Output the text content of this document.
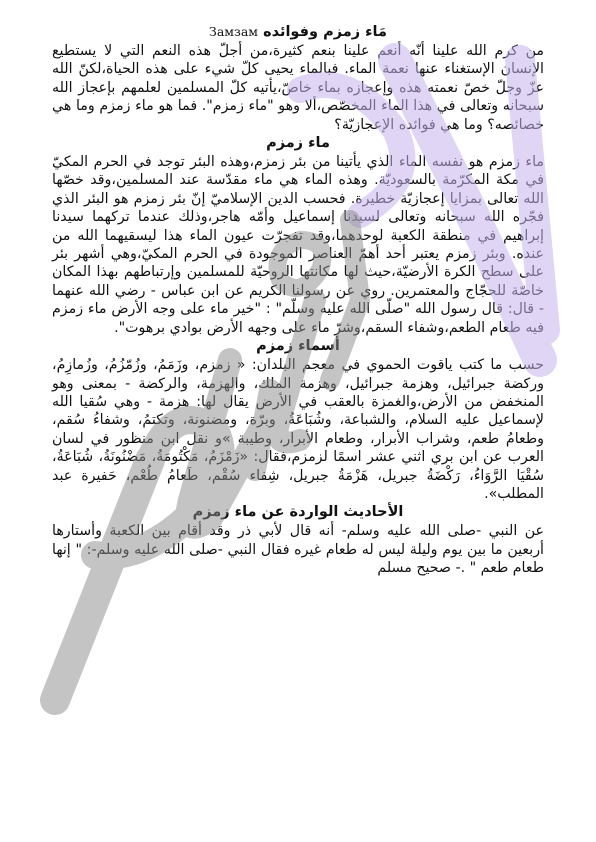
مَاء زمزم وفوائده Замзам

من كرم الله علينا أنّه أنعم علينا بنعم كثيرة،من أجلّ هذه النعم التي لا يستطيع الإنسان الإستغناء عنها نعمة الماء. فبالماء يحيى كلّ شيء على هذه الحياة،لكنّ الله عزّ وجلّ خصّ نعمته هذه وإعجازه بماء خاصّ،يأتيه كلّ المسلمين لعلمهم بإعجاز الله سبحانه وتعالى في هذا الماء المخصّص،ألا وهو "ماء زمزم". فما هو ماء زمزم وما هي خصائصه؟ وما هي فوائده الإعجازيّة؟

ماء زمزم

ماء زمزم هو نفسه الماء الذي يأتينا من بئر زمزم،وهذه البئر توجد في الحرم المكيّ في مكة المكرّمة بالسعوديّة. وهذه الماء هي ماء مقدّسة عند المسلمين،وقد خصّها الله تعالى بمزايا إعجازيّة خطيرة. فحسب الدين الإسلاميّ إنّ بئر زمزم هو البئر الذي فجّره الله سبحانه وتعالى لسيدنا إسماعيل وأمّه هاجر،وذلك عندما تركهما سيدنا إبراهيم في منطقة الكعبة لوحدهما،وقد تفجرّت عيون الماء هذا ليسقيهما الله من عنده. وبئر زمزم يعتبر أحد أهمّ العناصر الموجودة في الحرم المكيّ،وهي أشهر بئر على سطح الكرة الأرضيّة،حيث لها مكانتها الروحيّة للمسلمين وإرتباطهم بهذا المكان خاصّة للحجّاج والمعتمرين. روي عن رسولنا الكريم عن ابن عباس - رضي الله عنهما - قال: قال رسول الله "صلّى الله عليه وسلّم" : "خير ماء على وجه الأرض ماء زمزم فيه طعام الطعم،وشفاء السقم،وشرّ ماء على وجهه الأرض بوادي برهوت".

أسماء زمزم

حسب ما كتب ياقوت الحموي في معجم البلدان: « زمزم، وزَمَمُ، وزُمّزُمُ، وزُمازِمُ، وركضة جبرائيل، وهزمة جبرائيل، وهزمة الملك، والهزمة، والركضة - بمعنى وهو المنخفض من الأرض،والغمزة بالعقب في الأرض يقال لها: هزمة - وهي سُقيا الله لإسماعيل عليه السلام، والشباعة، وشُبَاعَةُ، وبرّة، ومضنونة، وتكتمُ، وشفاءُ سُقم، وطعامُ طعم، وشراب الأبرار، وطعام الأبرار، وطيبة »و نقل ابن منظور في لسان العرب عن ابن بري اثني عشر اسمًا لزمزم،فقال: «زَمْزَمُ، مَكْتُومَةُ، مَضْنُونَةُ، شُبَاعَةُ، سُقْيَا الرَّوَاءُ، رَكْضَةُ جبريل، هَزْمَةُ جبريل، شِفاء سُقْم، طَعامُ طُعْم، حَفيرة عبد المطلب».

الأحاديث الواردة عن ماء زمزم

عن النبي -صلى الله عليه وسلم- أنه قال لأبي ذر وقد أقام بين الكعبة وأستارها أربعين ما بين يوم وليلة ليس له طعام غيره فقال النبي -صلى الله عليه وسلم-: " إنها طعام طعم " .- صحيح مسلم
